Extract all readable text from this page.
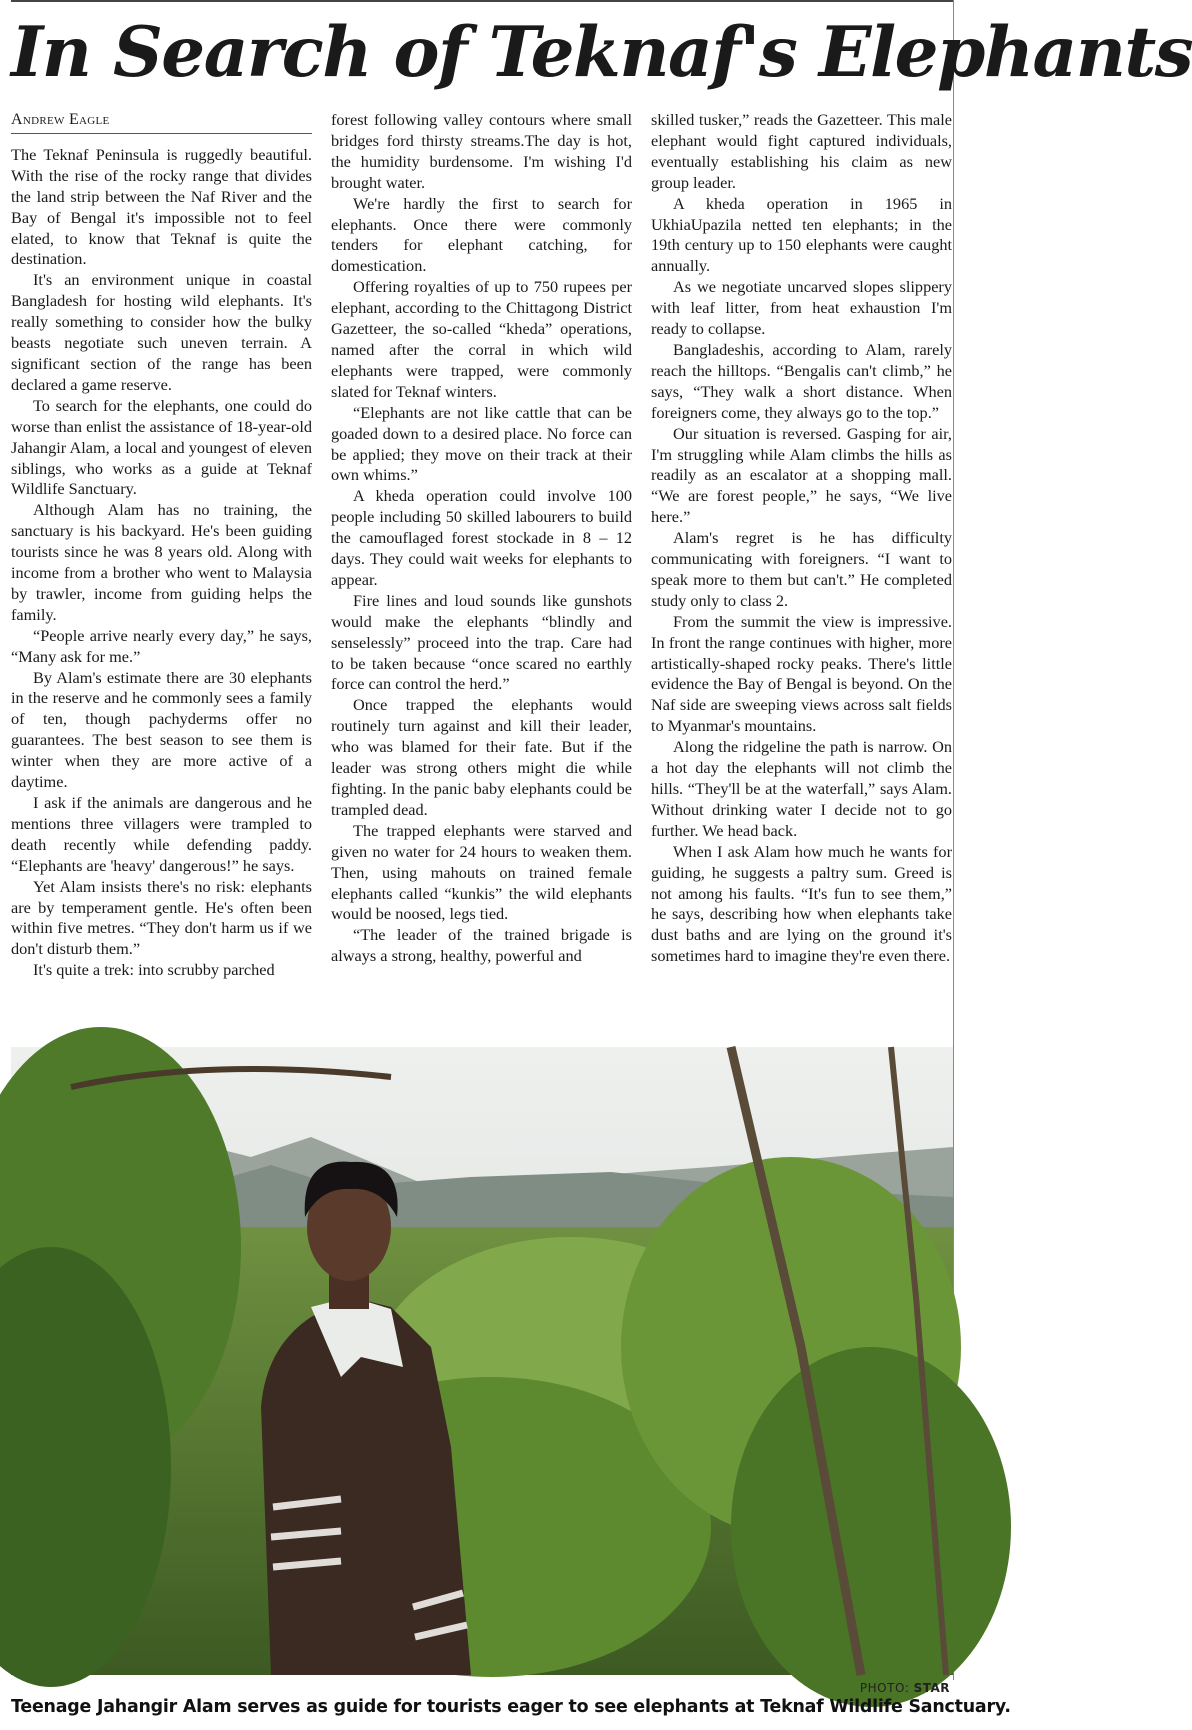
In Search of Teknaf's Elephants
Andrew Eagle

The Teknaf Peninsula is ruggedly beautiful. With the rise of the rocky range that divides the land strip between the Naf River and the Bay of Bengal it's impossible not to feel elated, to know that Teknaf is quite the destination.

It's an environment unique in coastal Bangladesh for hosting wild elephants. It's really something to consider how the bulky beasts negotiate such uneven terrain. A significant section of the range has been declared a game reserve.

To search for the elephants, one could do worse than enlist the assistance of 18-year-old Jahangir Alam, a local and youngest of eleven siblings, who works as a guide at Teknaf Wildlife Sanctuary.

Although Alam has no training, the sanctuary is his backyard. He's been guiding tourists since he was 8 years old. Along with income from a brother who went to Malaysia by trawler, income from guiding helps the family.

“People arrive nearly every day,” he says, “Many ask for me.”

By Alam's estimate there are 30 elephants in the reserve and he commonly sees a family of ten, though pachyderms offer no guarantees. The best season to see them is winter when they are more active of a daytime.

I ask if the animals are dangerous and he mentions three villagers were trampled to death recently while defending paddy. “Elephants are 'heavy' dangerous!” he says.

Yet Alam insists there's no risk: elephants are by temperament gentle. He's often been within five metres. “They don't harm us if we don't disturb them.”

It's quite a trek: into scrubby parched

forest following valley contours where small bridges ford thirsty streams.The day is hot, the humidity burdensome. I'm wishing I'd brought water.

We're hardly the first to search for elephants. Once there were commonly tenders for elephant catching, for domestication.

Offering royalties of up to 750 rupees per elephant, according to the Chittagong District Gazetteer, the so-called “kheda” operations, named after the corral in which wild elephants were trapped, were commonly slated for Teknaf winters.

“Elephants are not like cattle that can be goaded down to a desired place. No force can be applied; they move on their track at their own whims.”

A kheda operation could involve 100 people including 50 skilled labourers to build the camouflaged forest stockade in 8 – 12 days. They could wait weeks for elephants to appear.

Fire lines and loud sounds like gunshots would make the elephants “blindly and senselessly” proceed into the trap. Care had to be taken because “once scared no earthly force can control the herd.”

Once trapped the elephants would routinely turn against and kill their leader, who was blamed for their fate. But if the leader was strong others might die while fighting. In the panic baby elephants could be trampled dead.

The trapped elephants were starved and given no water for 24 hours to weaken them. Then, using mahouts on trained female elephants called “kunkis” the wild elephants would be noosed, legs tied.

“The leader of the trained brigade is always a strong, healthy, powerful and

skilled tusker,” reads the Gazetteer. This male elephant would fight captured individuals, eventually establishing his claim as new group leader.

A kheda operation in 1965 in UkhiaUpazila netted ten elephants; in the 19th century up to 150 elephants were caught annually.

As we negotiate uncarved slopes slippery with leaf litter, from heat exhaustion I'm ready to collapse.

Bangladeshis, according to Alam, rarely reach the hilltops. “Bengalis can't climb,” he says, “They walk a short distance. When foreigners come, they always go to the top.”

Our situation is reversed. Gasping for air, I'm struggling while Alam climbs the hills as readily as an escalator at a shopping mall. “We are forest people,” he says, “We live here.”

Alam's regret is he has difficulty communicating with foreigners. “I want to speak more to them but can't.” He completed study only to class 2.

From the summit the view is impressive. In front the range continues with higher, more artistically-shaped rocky peaks. There's little evidence the Bay of Bengal is beyond. On the Naf side are sweeping views across salt fields to Myanmar's mountains.

Along the ridgeline the path is narrow. On a hot day the elephants will not climb the hills. “They'll be at the waterfall,” says Alam. Without drinking water I decide not to go further. We head back.

When I ask Alam how much he wants for guiding, he suggests a paltry sum. Greed is not among his faults. “It's fun to see them,” he says, describing how when elephants take dust baths and are lying on the ground it's sometimes hard to imagine they're even there.

PHOTO: STAR
Teenage Jahangir Alam serves as guide for tourists eager to see elephants at Teknaf Wildlife Sanctuary.
